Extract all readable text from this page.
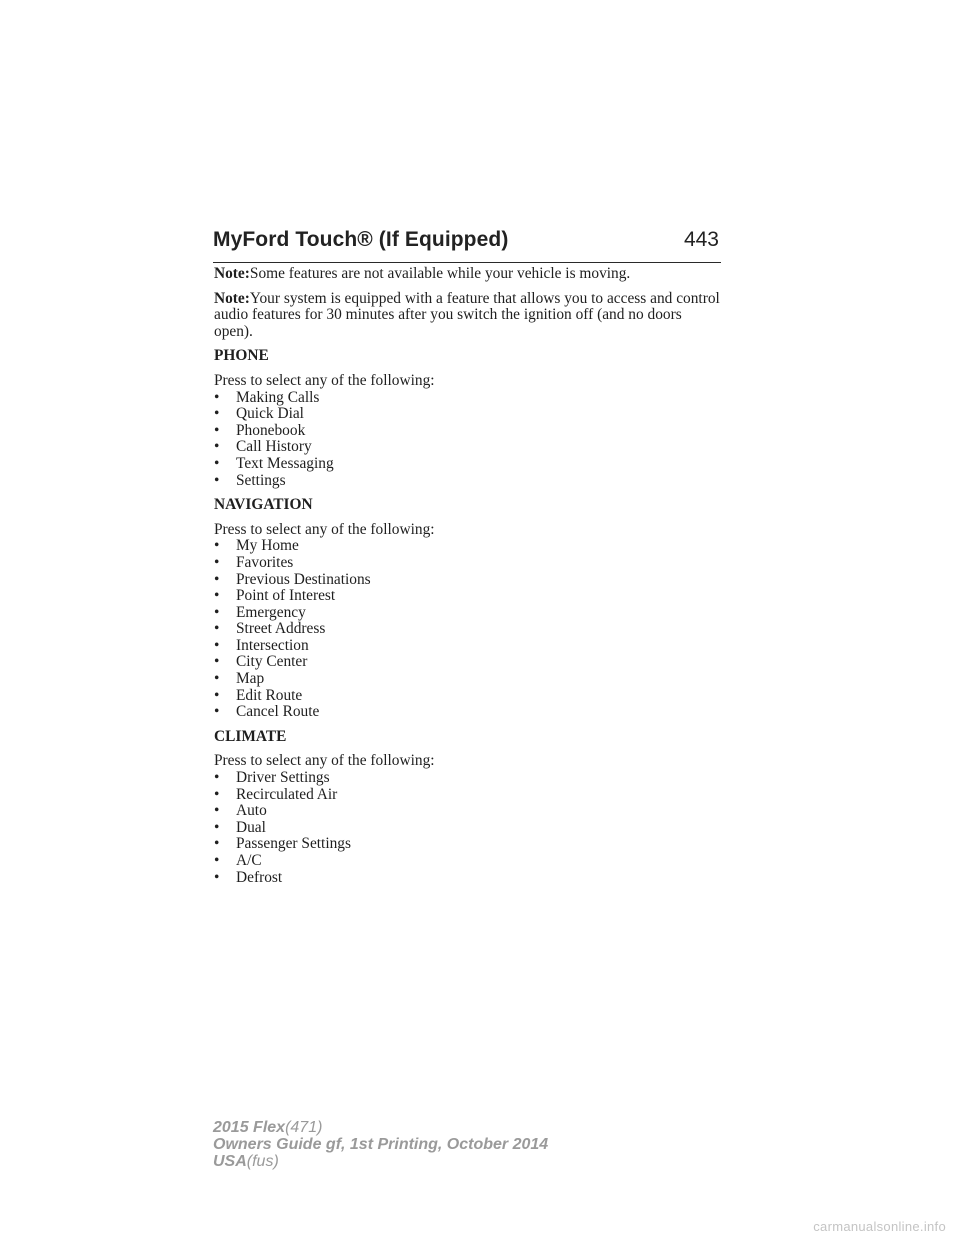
MyFord Touch® (If Equipped)	443

Note:Some features are not available while your vehicle is moving.

Note:Your system is equipped with a feature that allows you to access and control audio features for 30 minutes after you switch the ignition off (and no doors open).

PHONE

Press to select any of the following:

• Making Calls
• Quick Dial
• Phonebook
• Call History
• Text Messaging
• Settings
NAVIGATION

Press to select any of the following:

• My Home
• Favorites
• Previous Destinations
• Point of Interest
• Emergency
• Street Address
• Intersection
• City Center
• Map
• Edit Route
• Cancel Route
CLIMATE

Press to select any of the following:

• Driver Settings
• Recirculated Air
• Auto
• Dual
• Passenger Settings
• A/C
• Defrost
2015 Flex(471)
Owners Guide gf, 1st Printing, October 2014
USA(fus)
carmanualsonline.info
